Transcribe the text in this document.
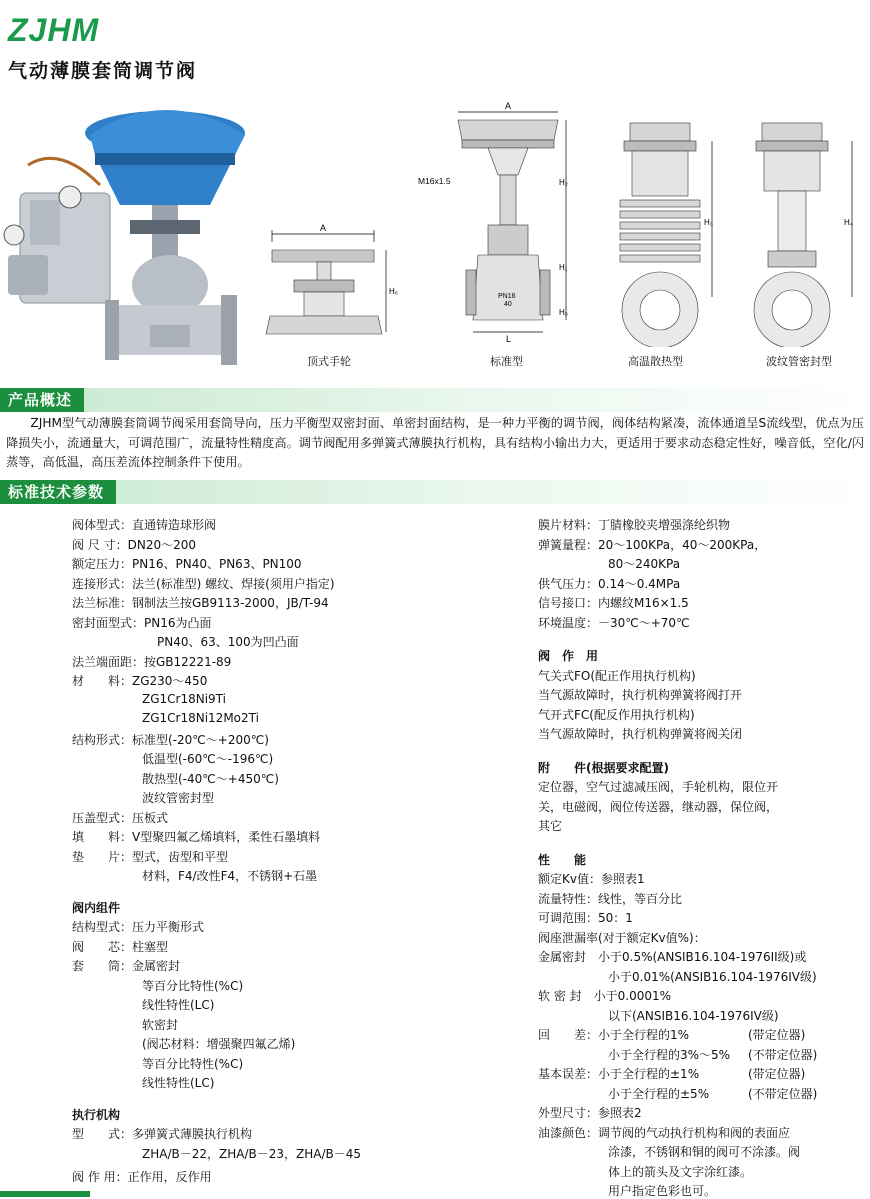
ZJHM
气动薄膜套筒调节阀
A
H₆
A
M16x1.5
PN16
40
L
H₂
H₁
H₅
H₃	H₄
顶式手轮	标准型	高温散热型	波纹管密封型
产品概述
ZJHM型气动薄膜套筒调节阀采用套筒导向，压力平衡型双密封面、单密封面结构，是一种力平衡的调节阀，阀体结构紧凑，流体通道呈S流线型，优点为压降损失小，流通量大，可调范围广，流量特性精度高。调节阀配用多弹簧式薄膜执行机构，具有结构小输出力大，更适用于要求动态稳定性好，噪音低，空化/闪蒸等，高低温，高压差流体控制条件下使用。
标准技术参数
阀体型式：直通铸造球形阀
阀 尺 寸：DN20～200
额定压力：PN16、PN40、PN63、PN100
连接形式：法兰(标准型) 螺纹、焊接(须用户指定)
法兰标准：钢制法兰按GB9113-2000，JB/T-94
密封面型式：PN16为凸面
PN40、63、100为凹凸面
法兰端面距：按GB12221-89
材　　料：ZG230～450
ZG1Cr18Ni9Ti
ZG1Cr18Ni12Mo2Ti
结构形式：标准型(-20℃～+200℃)
低温型(-60℃～-196℃)
散热型(-40℃～+450℃)
波纹管密封型
压盖型式：压板式
填　　料：V型聚四氟乙烯填料，柔性石墨填料
垫　　片：型式，齿型和平型
材料，F4/改性F4，不锈钢+石墨
阀内组件
结构型式：压力平衡形式
阀　　芯：柱塞型
套　　筒：金属密封
等百分比特性(%C)
线性特性(LC)
软密封
(阀芯材料：增强聚四氟乙烯)
等百分比特性(%C)
线性特性(LC)
执行机构
型　　式：多弹簧式薄膜执行机构
ZHA/B－22，ZHA/B－23，ZHA/B－45
阀 作 用：正作用，反作用
膜片材料：丁腈橡胶夹增强涤纶织物
弹簧量程：20～100KPa，40～200KPa，
80～240KPa
供气压力：0.14～0.4MPa
信号接口：内螺纹M16×1.5
环境温度：－30℃～+70℃
阀　作　用
气关式FO(配正作用执行机构)
当气源故障时，执行机构弹簧将阀打开
气开式FC(配反作用执行机构)
当气源故障时，执行机构弹簧将阀关闭
附　　件(根据要求配置)
定位器，空气过滤减压阀，手轮机构，限位开
关，电磁阀，阀位传送器，继动器，保位阀，
其它
性　　能
额定Kv值：参照表1
流量特性：线性，等百分比
可调范围：50：1
阀座泄漏率(对于额定Kv值%)：
金属密封　小于0.5%(ANSIB16.104-1976II级)或
小于0.01%(ANSIB16.104-1976IV级)
软 密 封　小于0.0001%
以下(ANSIB16.104-1976IV级)
回　　差：小于全行程的1%	(带定位器)
小于全行程的3%～5% (不带定位器)
基本误差：小于全行程的±1%	(带定位器)
小于全行程的±5%	(不带定位器)
外型尺寸：参照表2
油漆颜色：调节阀的气动执行机构和阀的表面应
涂漆，不锈钢和铜的阀可不涂漆。阀
体上的箭头及文字涂红漆。
用户指定色彩也可。
